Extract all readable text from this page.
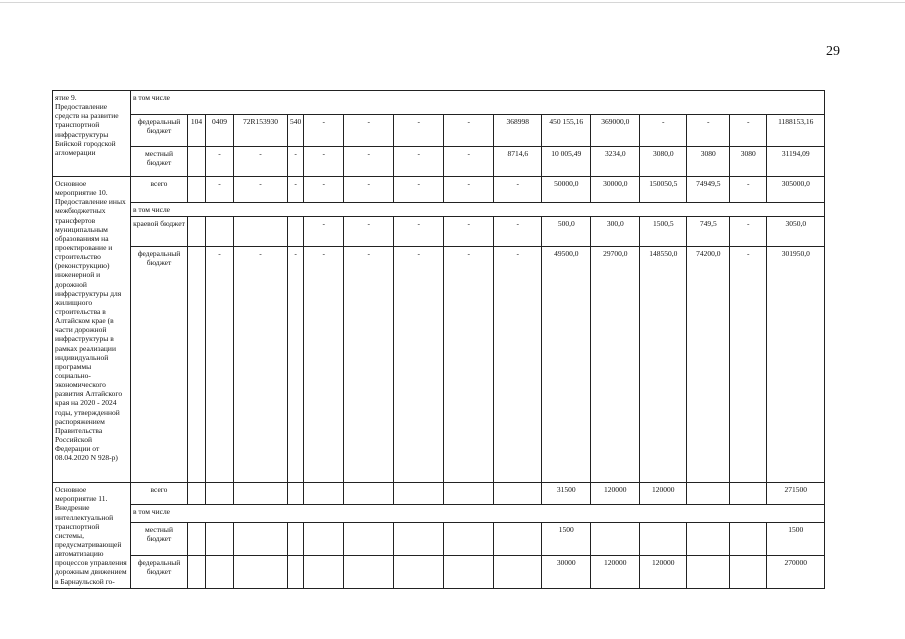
29
ятие 9. Предоставление средств на развитие транспортной инфраструктуры Бийской городской агломерации	в том числе															
	федеральный бюджет	104	0409	72R153930	540	-	-	-	-	368998	450 155,16	369000,0	-	-	-	1188153,16
	местный бюджет		-	-	-	-	-	-	-	8714,6	10 005,49	3234,0	3080,0	3080	3080	31194,09
Основное мероприятие 10. Предоставление иных межбюджетных трансфертов муниципальным образованиям на проектирование и строительство (реконструкцию) инженерной и дорожной инфраструктуры для жилищного строительства в Алтайском крае (в части дорожной инфраструктуры в рамках реализации индивидуальной программы социально-экономического развития Алтайского края на 2020 - 2024 годы, утвержденной распоряжением Правительства Российской Федерации от 08.04.2020 N 928-р)	всего		-	-	-	-	-	-	-	-	50000,0	30000,0	150050,5	74949,5	-	305000,0
	в том числе															
	краевой бюджет					-	-	-	-	-	500,0	300,0	1500,5	749,5	-	3050,0
	федеральный бюджет		-	-	-	-	-	-	-	-	49500,0	29700,0	148550,0	74200,0	-	301950,0
Основное мероприятие 11. Внедрение интеллектуальной транспортной системы, предусматривающей автоматизацию процессов управления дорожным движением в Барнаульской го-	всего										31500	120000	120000			271500
	в том числе															
	местный бюджет										1500					1500
	федеральный бюджет										30000	120000	120000			270000
